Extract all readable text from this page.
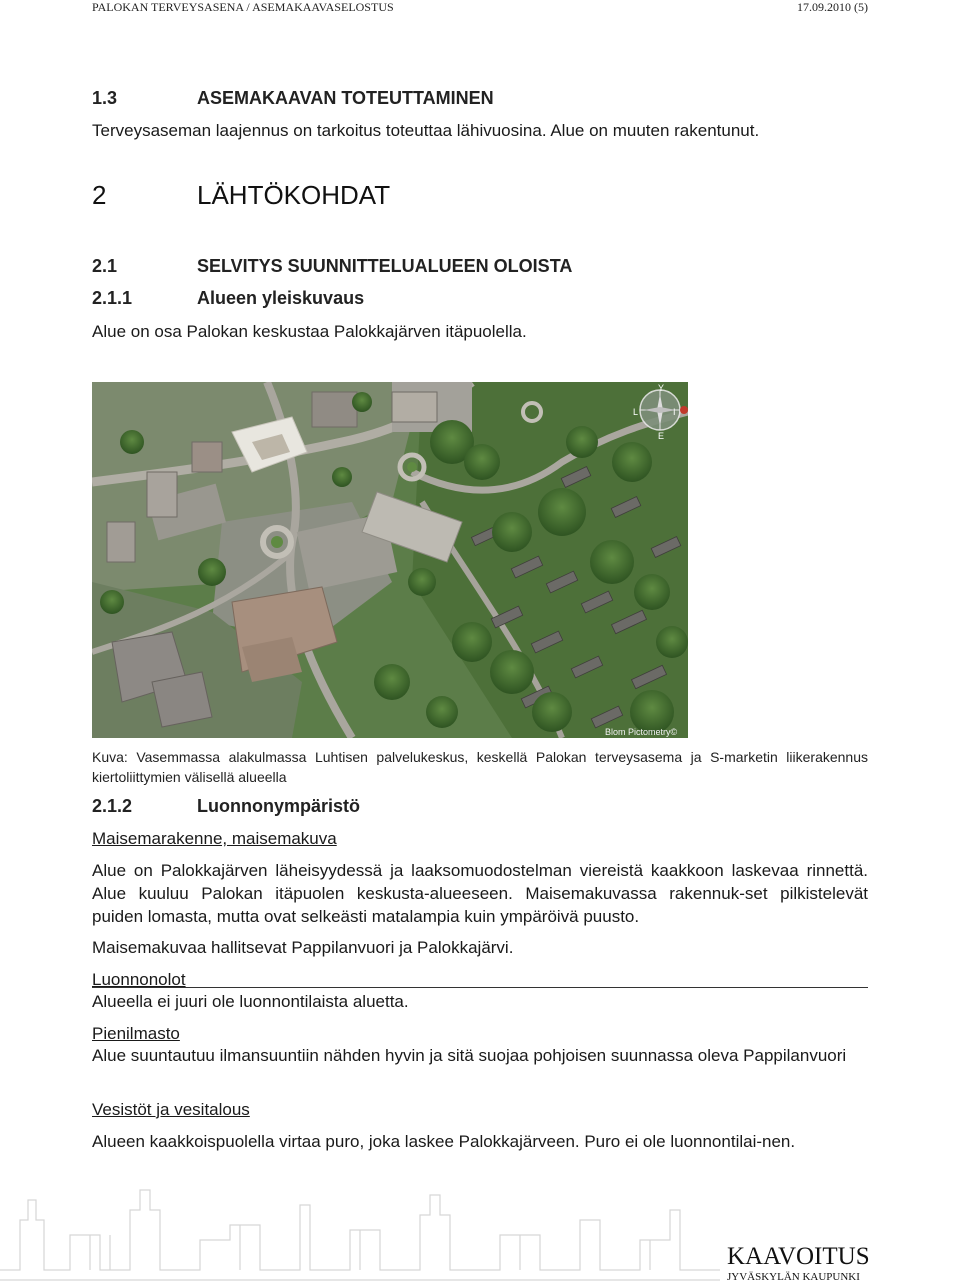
PALOKAN TERVEYSASENA / ASEMAKAAVASELOSTUS	17.09.2010 (5)
1.3	ASEMAKAAVAN TOTEUTTAMINEN
Terveysaseman laajennus on tarkoitus toteuttaa lähivuosina. Alue on muuten rakentunut.
2	LÄHTÖKOHDAT
2.1	SELVITYS SUUNNITTELUALUEEN OLOISTA
2.1.1	Alueen yleiskuvaus
Alue on osa Palokan keskustaa Palokkajärven itäpuolella.
Y
I
E
L
Blom Pictometry©
Kuva: Vasemmassa alakulmassa Luhtisen palvelukeskus, keskellä Palokan terveysasema ja S-marketin liikerakennus kiertoliittymien välisellä alueella
2.1.2	Luonnonympäristö
Maisemarakenne, maisemakuva
Alue on Palokkajärven läheisyydessä ja laaksomuodostelman viereistä kaakkoon laskevaa rinnettä. Alue kuuluu Palokan itäpuolen keskusta-alueeseen. Maisemakuvassa rakennuk-set pilkistelevät puiden lomasta, mutta ovat selkeästi matalampia kuin ympäröivä puusto.
Maisemakuvaa hallitsevat Pappilanvuori ja Palokkajärvi.
Luonnonolot
Alueella ei juuri ole luonnontilaista aluetta.
Pienilmasto
Alue suuntautuu ilmansuuntiin nähden hyvin ja sitä suojaa pohjoisen suunnassa oleva Pappilanvuori
Vesistöt ja vesitalous
Alueen kaakkoispuolella virtaa puro, joka laskee Palokkajärveen. Puro ei ole luonnontilai-nen.
KAAVOITUS
JYVÄSKYLÄN KAUPUNKI
